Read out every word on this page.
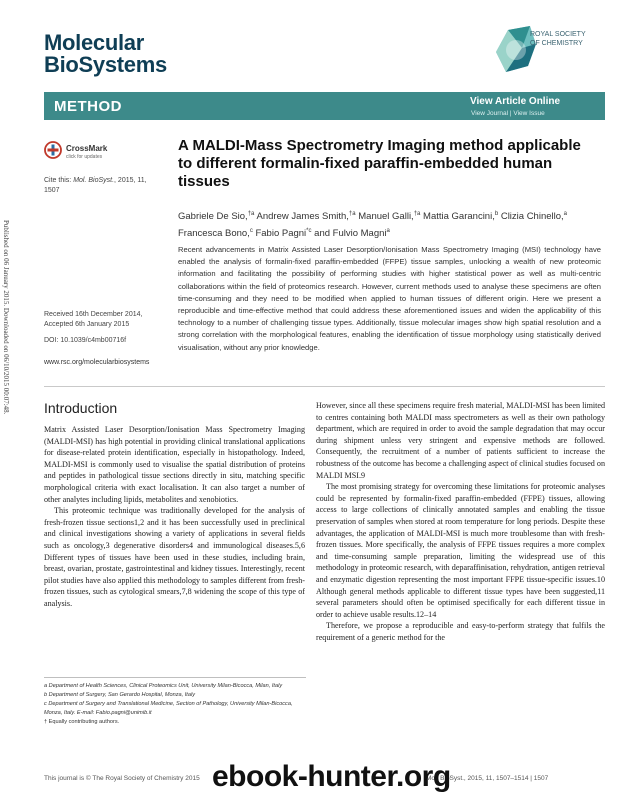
Molecular
BioSystems
ROYAL SOCIETY
OF CHEMISTRY
METHOD	View Article Online
View Journal | View Issue
CrossMark
click for updates
Cite this: Mol. BioSyst., 2015, 11, 1507
Received 16th December 2014,
Accepted 6th January 2015
DOI: 10.1039/c4mb00716f
www.rsc.org/molecularbiosystems
Published on 06 January 2015. Downloaded on 06/10/2015 00:07:48.
A MALDI-Mass Spectrometry Imaging method applicable to different formalin-fixed paraffin-embedded human tissues
Gabriele De Sio,$^{\dagger a}$ Andrew James Smith,$^{\dagger a}$ Manuel Galli,$^{\dagger a}$ Mattia Garancini,$^b$ Clizia Chinello,$^a$ Francesca Bono,$^c$ Fabio Pagni$^{*c}$ and Fulvio Magni$^a$
Recent advancements in Matrix Assisted Laser Desorption/Ionisation Mass Spectrometry Imaging (MSI) technology have enabled the analysis of formalin-fixed paraffin-embedded (FFPE) tissue samples, unlocking a wealth of new proteomic information and facilitating the possibility of performing studies with higher statistical power as well as multi-centric collaborations within the field of proteomics research. However, current methods used to analyse these specimens are often time-consuming and they need to be modified when applied to human tissues of different origin. Here we present a reproducible and time-effective method that could address these aforementioned issues and widen the applicability of this technology to a number of challenging tissue types. Additionally, tissue molecular images show high spatial resolution and a strong correlation with the morphological features, enabling the identification of tissue morphology using statistically derived visualisation, without any prior knowledge.
Introduction

Matrix Assisted Laser Desorption/Ionisation Mass Spectrometry Imaging (MALDI-MSI) has high potential in providing clinical translational applications for disease-related protein identification, especially in histopathology. Indeed, MALDI-MSI is commonly used to visualise the spatial distribution of proteins and peptides in pathological tissue sections directly in situ, matching specific morphological criteria with exact localisation. It can also target a number of other analytes including lipids, metabolites and xenobiotics.

This proteomic technique was traditionally developed for the analysis of fresh-frozen tissue sections1,2 and it has been successfully used in preclinical and clinical investigations showing a variety of applications in several fields such as oncology,3 degenerative disorders4 and immunological diseases.5,6 Different types of tissues have been used in these studies, including brain, breast, ovarian, prostate, gastrointestinal and kidney tissues. Interestingly, recent pilot studies have also applied this methodology to samples different from fresh-frozen tissues, such as cytological smears,7,8 widening the scope of this type of analysis.

However, since all these specimens require fresh material, MALDI-MSI has been limited to centres containing both MALDI mass spectrometers as well as their own pathology department, which are required in order to avoid the sample degradation that may occur during shipment unless very stringent and expensive methods are followed. Consequently, the recruitment of a number of patients sufficient to increase the robustness of the outcome has become a challenging aspect of clinical studies focused on MALDI MSI.9

The most promising strategy for overcoming these limitations for proteomic analyses could be represented by formalin-fixed paraffin-embedded (FFPE) tissues, allowing access to large collections of clinically annotated samples and enabling the tissue preservation of samples when stored at room temperature for long periods. Despite these advantages, the application of MALDI-MSI is much more troublesome than with fresh-frozen tissues. More specifically, the analysis of FFPE tissues requires a more complex and time-consuming sample preparation, limiting the widespread use of this methodology in proteomic research, with deparaffinisation, rehydration, antigen retrieval and enzymatic digestion representing the most important FFPE tissue-specific issues.10 Although general methods applicable to different tissue types have been suggested,11 several parameters should often be optimised specifically for each different tissue in order to achieve usable results.12–14

Therefore, we propose a reproducible and easy-to-perform strategy that fulfils the requirement of a generic method for the

a Department of Health Sciences, Clinical Proteomics Unit, University Milan-Bicocca, Milan, Italy
b Department of Surgery, San Gerardo Hospital, Monza, Italy
c Department of Surgery and Translational Medicine, Section of Pathology, University Milan-Bicocca, Monza, Italy. E-mail: Fabio.pagni@unimib.it
† Equally contributing authors.
This journal is © The Royal Society of Chemistry 2015	Mol. BioSyst., 2015, 11, 1507–1514 | 1507
ebook-hunter.org
